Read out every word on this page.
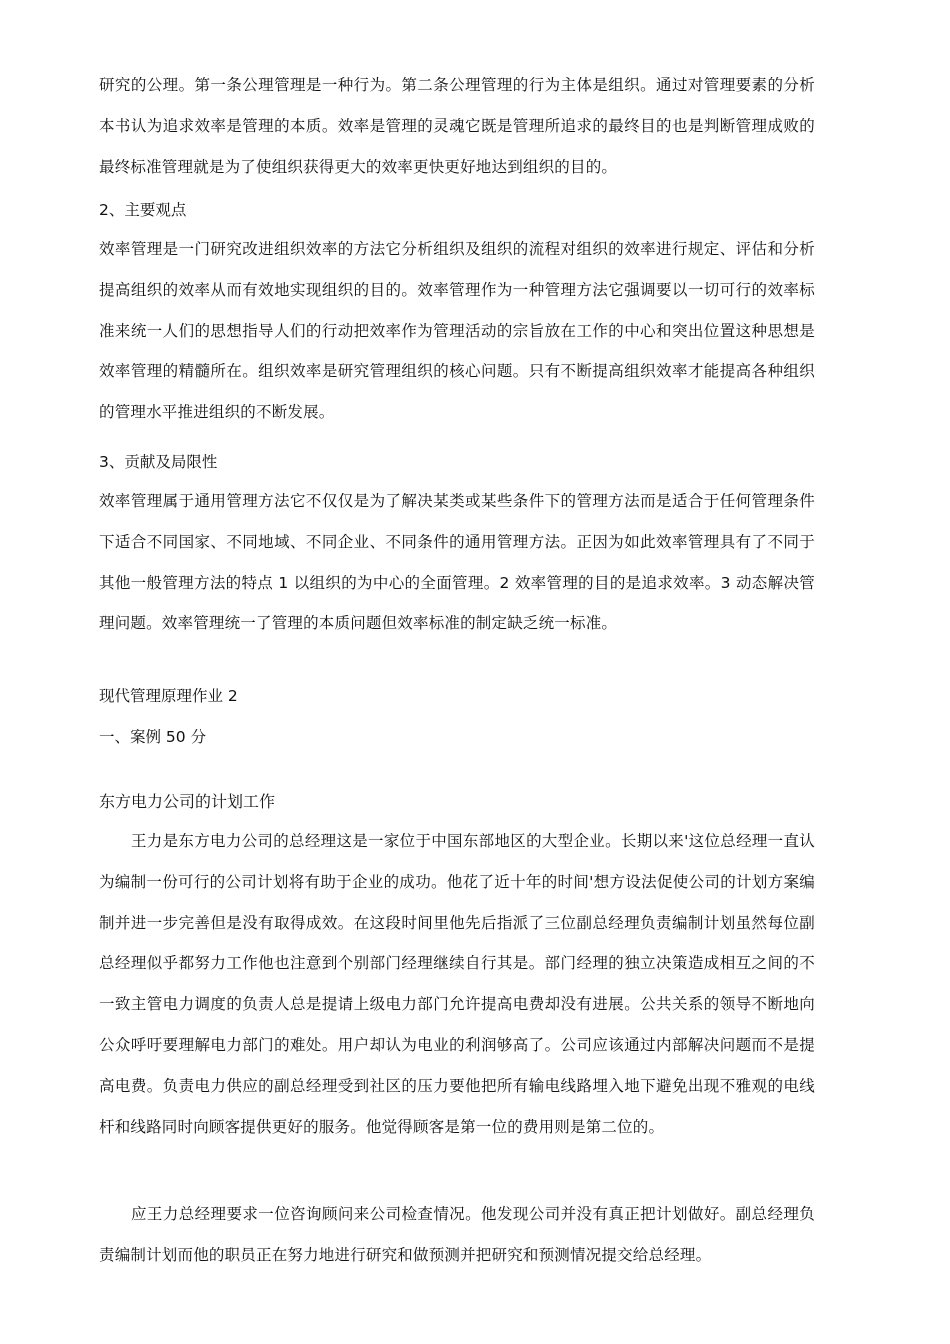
研究的公理。第一条公理管理是一种行为。第二条公理管理的行为主体是组织。通过对管理要素的分析本书认为追求效率是管理的本质。效率是管理的灵魂它既是管理所追求的最终目的也是判断管理成败的最终标准管理就是为了使组织获得更大的效率更快更好地达到组织的目的。

2、主要观点

效率管理是一门研究改进组织效率的方法它分析组织及组织的流程对组织的效率进行规定、评估和分析提高组织的效率从而有效地实现组织的目的。效率管理作为一种管理方法它强调要以一切可行的效率标准来统一人们的思想指导人们的行动把效率作为管理活动的宗旨放在工作的中心和突出位置这种思想是效率管理的精髓所在。组织效率是研究管理组织的核心问题。只有不断提高组织效率才能提高各种组织的管理水平推进组织的不断发展。

3、贡献及局限性

效率管理属于通用管理方法它不仅仅是为了解决某类或某些条件下的管理方法而是适合于任何管理条件下适合不同国家、不同地域、不同企业、不同条件的通用管理方法。正因为如此效率管理具有了不同于其他一般管理方法的特点 1 以组织的为中心的全面管理。2 效率管理的目的是追求效率。3 动态解决管理问题。效率管理统一了管理的本质问题但效率标准的制定缺乏统一标准。

现代管理原理作业 2

一、案例 50 分

东方电力公司的计划工作

王力是东方电力公司的总经理这是一家位于中国东部地区的大型企业。长期以来'这位总经理一直认为编制一份可行的公司计划将有助于企业的成功。他花了近十年的时间'想方设法促使公司的计划方案编制并进一步完善但是没有取得成效。在这段时间里他先后指派了三位副总经理负责编制计划虽然每位副总经理似乎都努力工作他也注意到个别部门经理继续自行其是。部门经理的独立决策造成相互之间的不一致主管电力调度的负责人总是提请上级电力部门允许提高电费却没有进展。公共关系的领导不断地向公众呼吁要理解电力部门的难处。用户却认为电业的利润够高了。公司应该通过内部解决问题而不是提高电费。负责电力供应的副总经理受到社区的压力要他把所有输电线路埋入地下避免出现不雅观的电线杆和线路同时向顾客提供更好的服务。他觉得顾客是第一位的费用则是第二位的。

应王力总经理要求一位咨询顾问来公司检查情况。他发现公司并没有真正把计划做好。副总经理负责编制计划而他的职员正在努力地进行研究和做预测并把研究和预测情况提交给总经理。
